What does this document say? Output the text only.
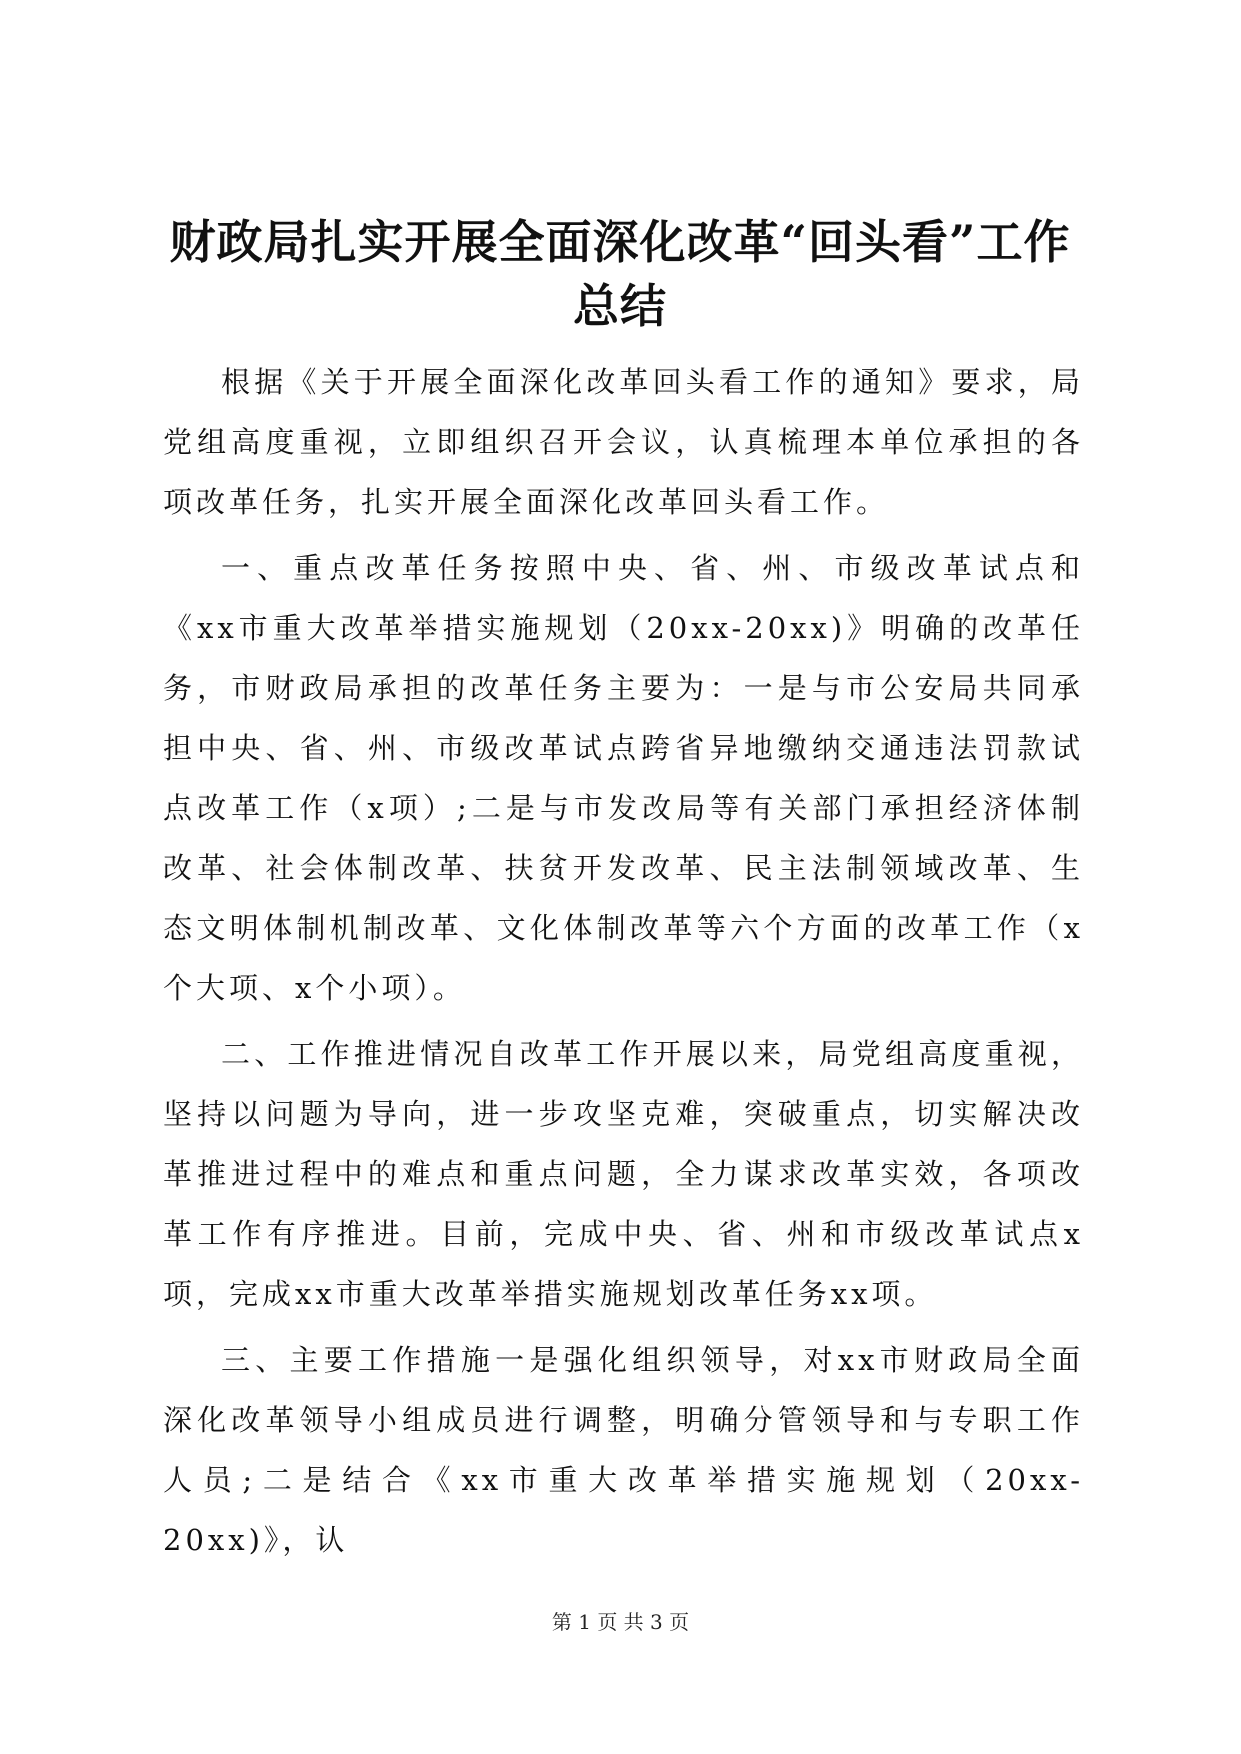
财政局扎实开展全面深化改革“回头看”工作总结

根据《关于开展全面深化改革回头看工作的通知》要求，局党组高度重视，立即组织召开会议，认真梳理本单位承担的各项改革任务，扎实开展全面深化改革回头看工作。

一、重点改革任务按照中央、省、州、市级改革试点和《xx市重大改革举措实施规划（20xx-20xx)》明确的改革任务，市财政局承担的改革任务主要为：一是与市公安局共同承担中央、省、州、市级改革试点跨省异地缴纳交通违法罚款试点改革工作（x项）;二是与市发改局等有关部门承担经济体制改革、社会体制改革、扶贫开发改革、民主法制领域改革、生态文明体制机制改革、文化体制改革等六个方面的改革工作（x个大项、x个小项）。

二、工作推进情况自改革工作开展以来，局党组高度重视，坚持以问题为导向，进一步攻坚克难，突破重点，切实解决改革推进过程中的难点和重点问题，全力谋求改革实效，各项改革工作有序推进。目前，完成中央、省、州和市级改革试点x项，完成xx市重大改革举措实施规划改革任务xx项。

三、主要工作措施一是强化组织领导，对xx市财政局全面深化改革领导小组成员进行调整，明确分管领导和与专职工作人员;二是结合《xx市重大改革举措实施规划（20xx-20xx)》，认

第 1 页 共 3 页
